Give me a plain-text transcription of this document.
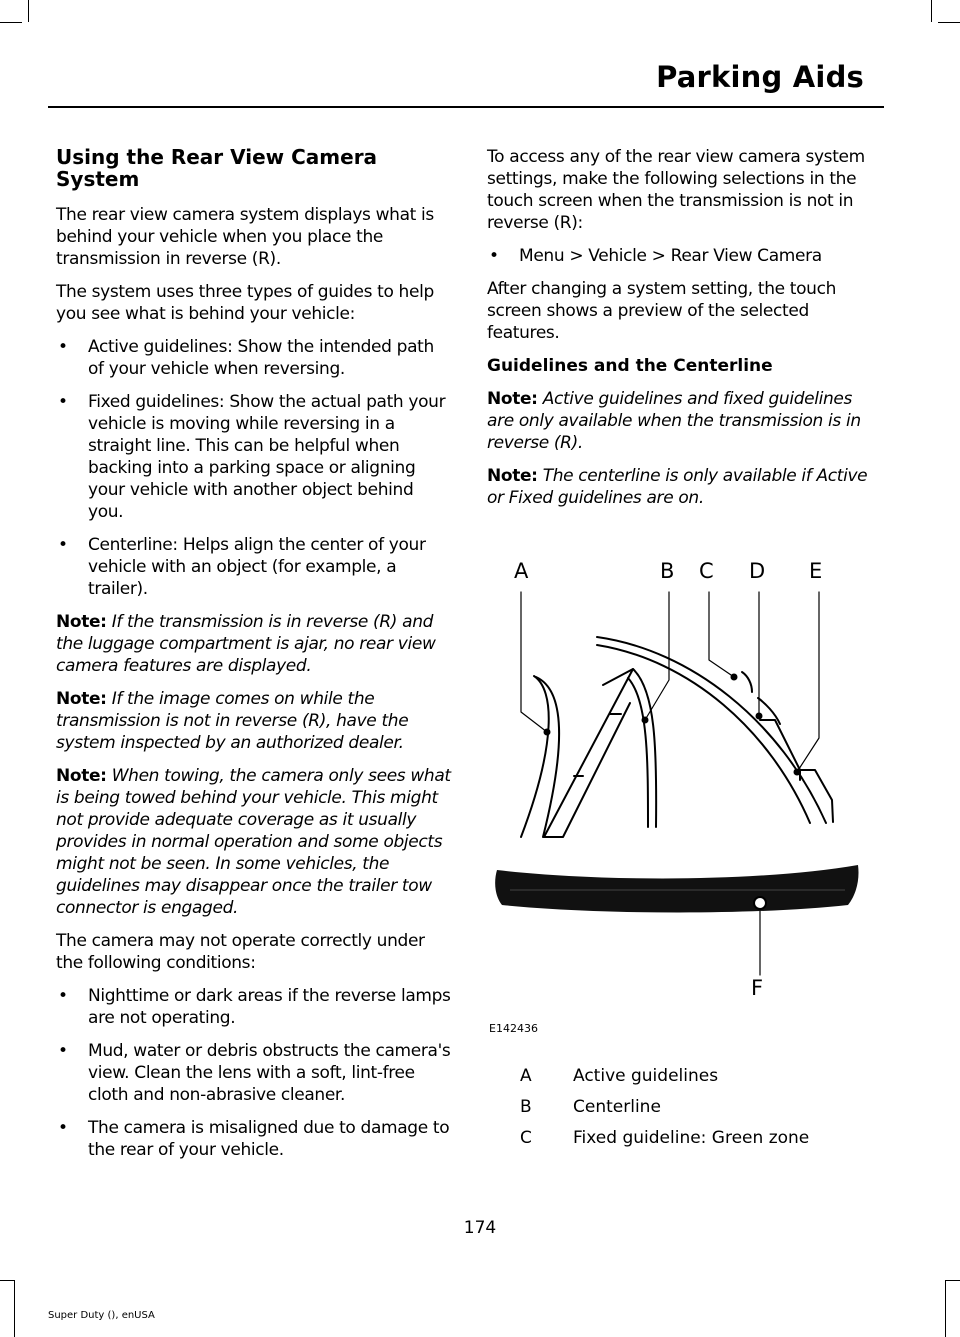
Parking Aids
Using the Rear View Camera System

The rear view camera system displays what is behind your vehicle when you place the transmission in reverse (R).

The system uses three types of guides to help you see what is behind your vehicle:

• Active guidelines: Show the intended path of your vehicle when reversing.
• Fixed guidelines: Show the actual path your vehicle is moving while reversing in a straight line. This can be helpful when backing into a parking space or aligning your vehicle with another object behind you.
• Centerline: Helps align the center of your vehicle with an object (for example, a trailer).

Note: If the transmission is in reverse (R) and the luggage compartment is ajar, no rear view camera features are displayed.

Note: If the image comes on while the transmission is not in reverse (R), have the system inspected by an authorized dealer.

Note: When towing, the camera only sees what is being towed behind your vehicle. This might not provide adequate coverage as it usually provides in normal operation and some objects might not be seen. In some vehicles, the guidelines may disappear once the trailer tow connector is engaged.

The camera may not operate correctly under the following conditions:

• Nighttime or dark areas if the reverse lamps are not operating.
• Mud, water or debris obstructs the camera's view. Clean the lens with a soft, lint-free cloth and non-abrasive cleaner.
• The camera is misaligned due to damage to the rear of your vehicle.

To access any of the rear view camera system settings, make the following selections in the touch screen when the transmission is not in reverse (R):

• Menu > Vehicle > Rear View Camera

After changing a system setting, the touch screen shows a preview of the selected features.

Guidelines and the Centerline

Note: Active guidelines and fixed guidelines are only available when the transmission is in reverse (R).

Note: The centerline is only available if Active or Fixed guidelines are on.

A	B C D E
F
E142436
A	Active guidelines
B	Centerline
C	Fixed guideline: Green zone
174
Super Duty (), enUSA
